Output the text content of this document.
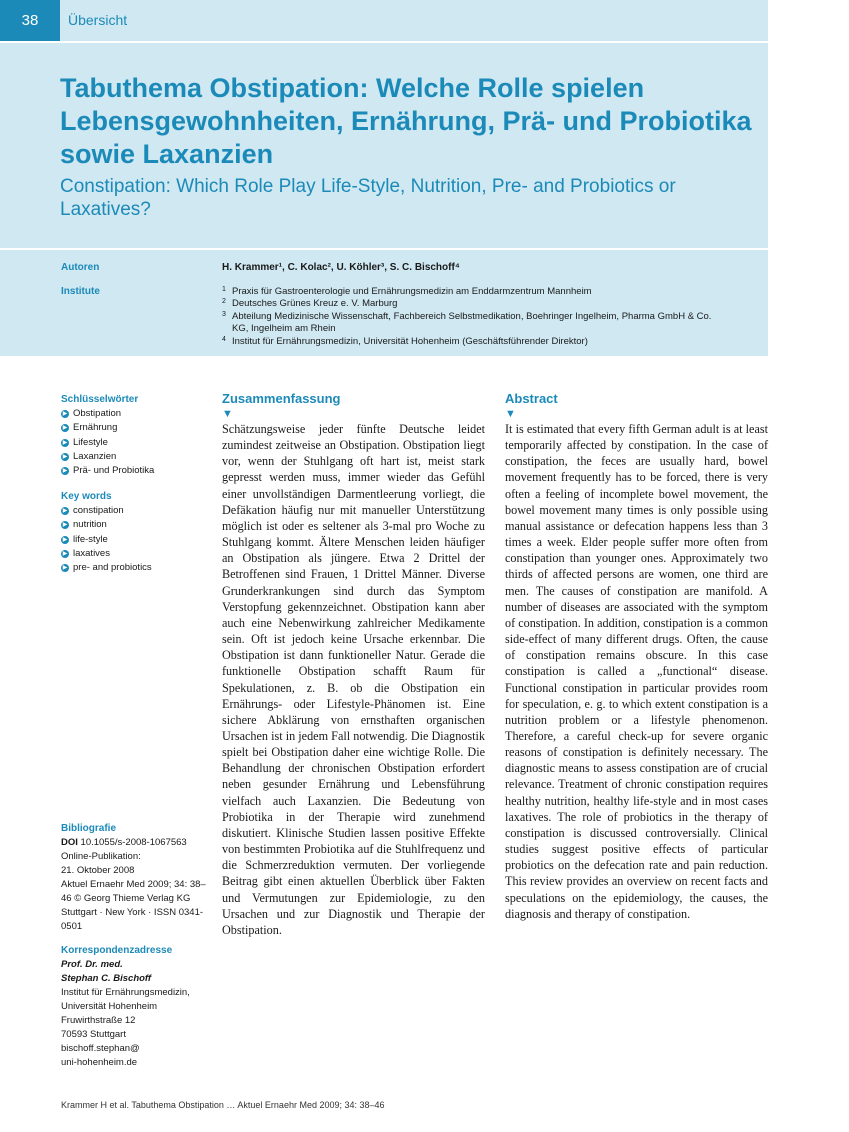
38	Übersicht
Tabuthema Obstipation: Welche Rolle spielen Lebensgewohnheiten, Ernährung, Prä- und Probiotika sowie Laxanzien
Constipation: Which Role Play Life-Style, Nutrition, Pre- and Probiotics or Laxatives?
Autoren	H. Krammer¹, C. Kolac², U. Köhler³, S. C. Bischoff⁴
Institute	1 Praxis für Gastroenterologie und Ernährungsmedizin am Enddarmzentrum Mannheim
2 Deutsches Grünes Kreuz e. V. Marburg
3 Abteilung Medizinische Wissenschaft, Fachbereich Selbstmedikation, Boehringer Ingelheim, Pharma GmbH & Co. KG, Ingelheim am Rhein
4 Institut für Ernährungsmedizin, Universität Hohenheim (Geschäftsführender Direktor)
Schlüsselwörter
▶ Obstipation
▶ Ernährung
▶ Lifestyle
▶ Laxanzien
▶ Prä- und Probiotika
Key words
▶ constipation
▶ nutrition
▶ life-style
▶ laxatives
▶ pre- and probiotics
Bibliografie
DOI 10.1055/s-2008-1067563
Online-Publikation:
21. Oktober 2008
Aktuel Ernaehr Med 2009; 34: 38–46 © Georg Thieme Verlag KG Stuttgart · New York · ISSN 0341-0501
Korrespondenzadresse
Prof. Dr. med.
Stephan C. Bischoff
Institut für Ernährungsmedizin,
Universität Hohenheim
Fruwirthstraße 12
70593 Stuttgart
bischoff.stephan@
uni-hohenheim.de
Zusammenfassung
▼

Schätzungsweise jeder fünfte Deutsche leidet zumindest zeitweise an Obstipation. Obstipation liegt vor, wenn der Stuhlgang oft hart ist, meist stark gepresst werden muss, immer wieder das Gefühl einer unvollständigen Darmentleerung vorliegt, die Defäkation häufig nur mit manueller Unterstützung möglich ist oder es seltener als 3-mal pro Woche zu Stuhlgang kommt. Ältere Menschen leiden häufiger an Obstipation als jüngere. Etwa 2 Drittel der Betroffenen sind Frauen, 1 Drittel Männer. Diverse Grunderkrankungen sind durch das Symptom Verstopfung gekennzeichnet. Obstipation kann aber auch eine Nebenwirkung zahlreicher Medikamente sein. Oft ist jedoch keine Ursache erkennbar. Die Obstipation ist dann funktioneller Natur. Gerade die funktionelle Obstipation schafft Raum für Spekulationen, z. B. ob die Obstipation ein Ernährungs- oder Lifestyle-Phänomen ist. Eine sichere Abklärung von ernsthaften organischen Ursachen ist in jedem Fall notwendig. Die Diagnostik spielt bei Obstipation daher eine wichtige Rolle. Die Behandlung der chronischen Obstipation erfordert neben gesunder Ernährung und Lebensführung vielfach auch Laxanzien. Die Bedeutung von Probiotika in der Therapie wird zunehmend diskutiert. Klinische Studien lassen positive Effekte von bestimmten Probiotika auf die Stuhlfrequenz und die Schmerzreduktion vermuten. Der vorliegende Beitrag gibt einen aktuellen Überblick über Fakten und Vermutungen zur Epidemiologie, zu den Ursachen und zur Diagnostik und Therapie der Obstipation.

Abstract
▼

It is estimated that every fifth German adult is at least temporarily affected by constipation. In the case of constipation, the feces are usually hard, bowel movement frequently has to be forced, there is very often a feeling of incomplete bowel movement, the bowel movement many times is only possible using manual assistance or defecation happens less than 3 times a week. Elder people suffer more often from constipation than younger ones. Approximately two thirds of affected persons are women, one third are men. The causes of constipation are manifold. A number of diseases are associated with the symptom of constipation. In addition, constipation is a common side-effect of many different drugs. Often, the cause of constipation remains obscure. In this case constipation is called a „functional“ disease. Functional constipation in particular provides room for speculation, e. g. to which extent constipation is a nutrition problem or a lifestyle phenomenon. Therefore, a careful check-up for severe organic reasons of constipation is definitely necessary. The diagnostic means to assess constipation are of crucial relevance. Treatment of chronic constipation requires healthy nutrition, healthy life-style and in most cases laxatives. The role of probiotics in the therapy of constipation is discussed controversially. Clinical studies suggest positive effects of particular probiotics on the defecation rate and pain reduction. This review provides an overview on recent facts and speculations on the epidemiology, the causes, the diagnosis and therapy of constipation.

Krammer H et al. Tabuthema Obstipation … Aktuel Ernaehr Med 2009; 34: 38–46
